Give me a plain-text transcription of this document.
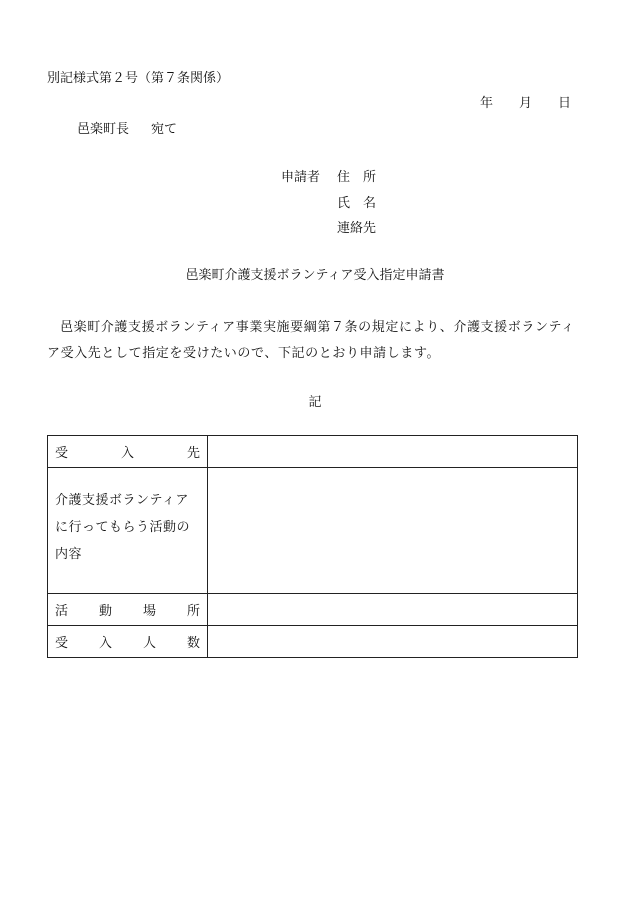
別記様式第２号（第７条関係）
年 月 日
邑楽町長 宛て
申請者 住　所
氏　名
連絡先
邑楽町介護支援ボランティア受入指定申請書
邑楽町介護支援ボランティア事業実施要綱第７条の規定により、介護支援ボランティア受入先として指定を受けたいので、下記のとおり申請します。
記
受 入 先	

介護支援ボランティアに行ってもらう活動の内容	

活 動 場 所	

受 入 人 数	
